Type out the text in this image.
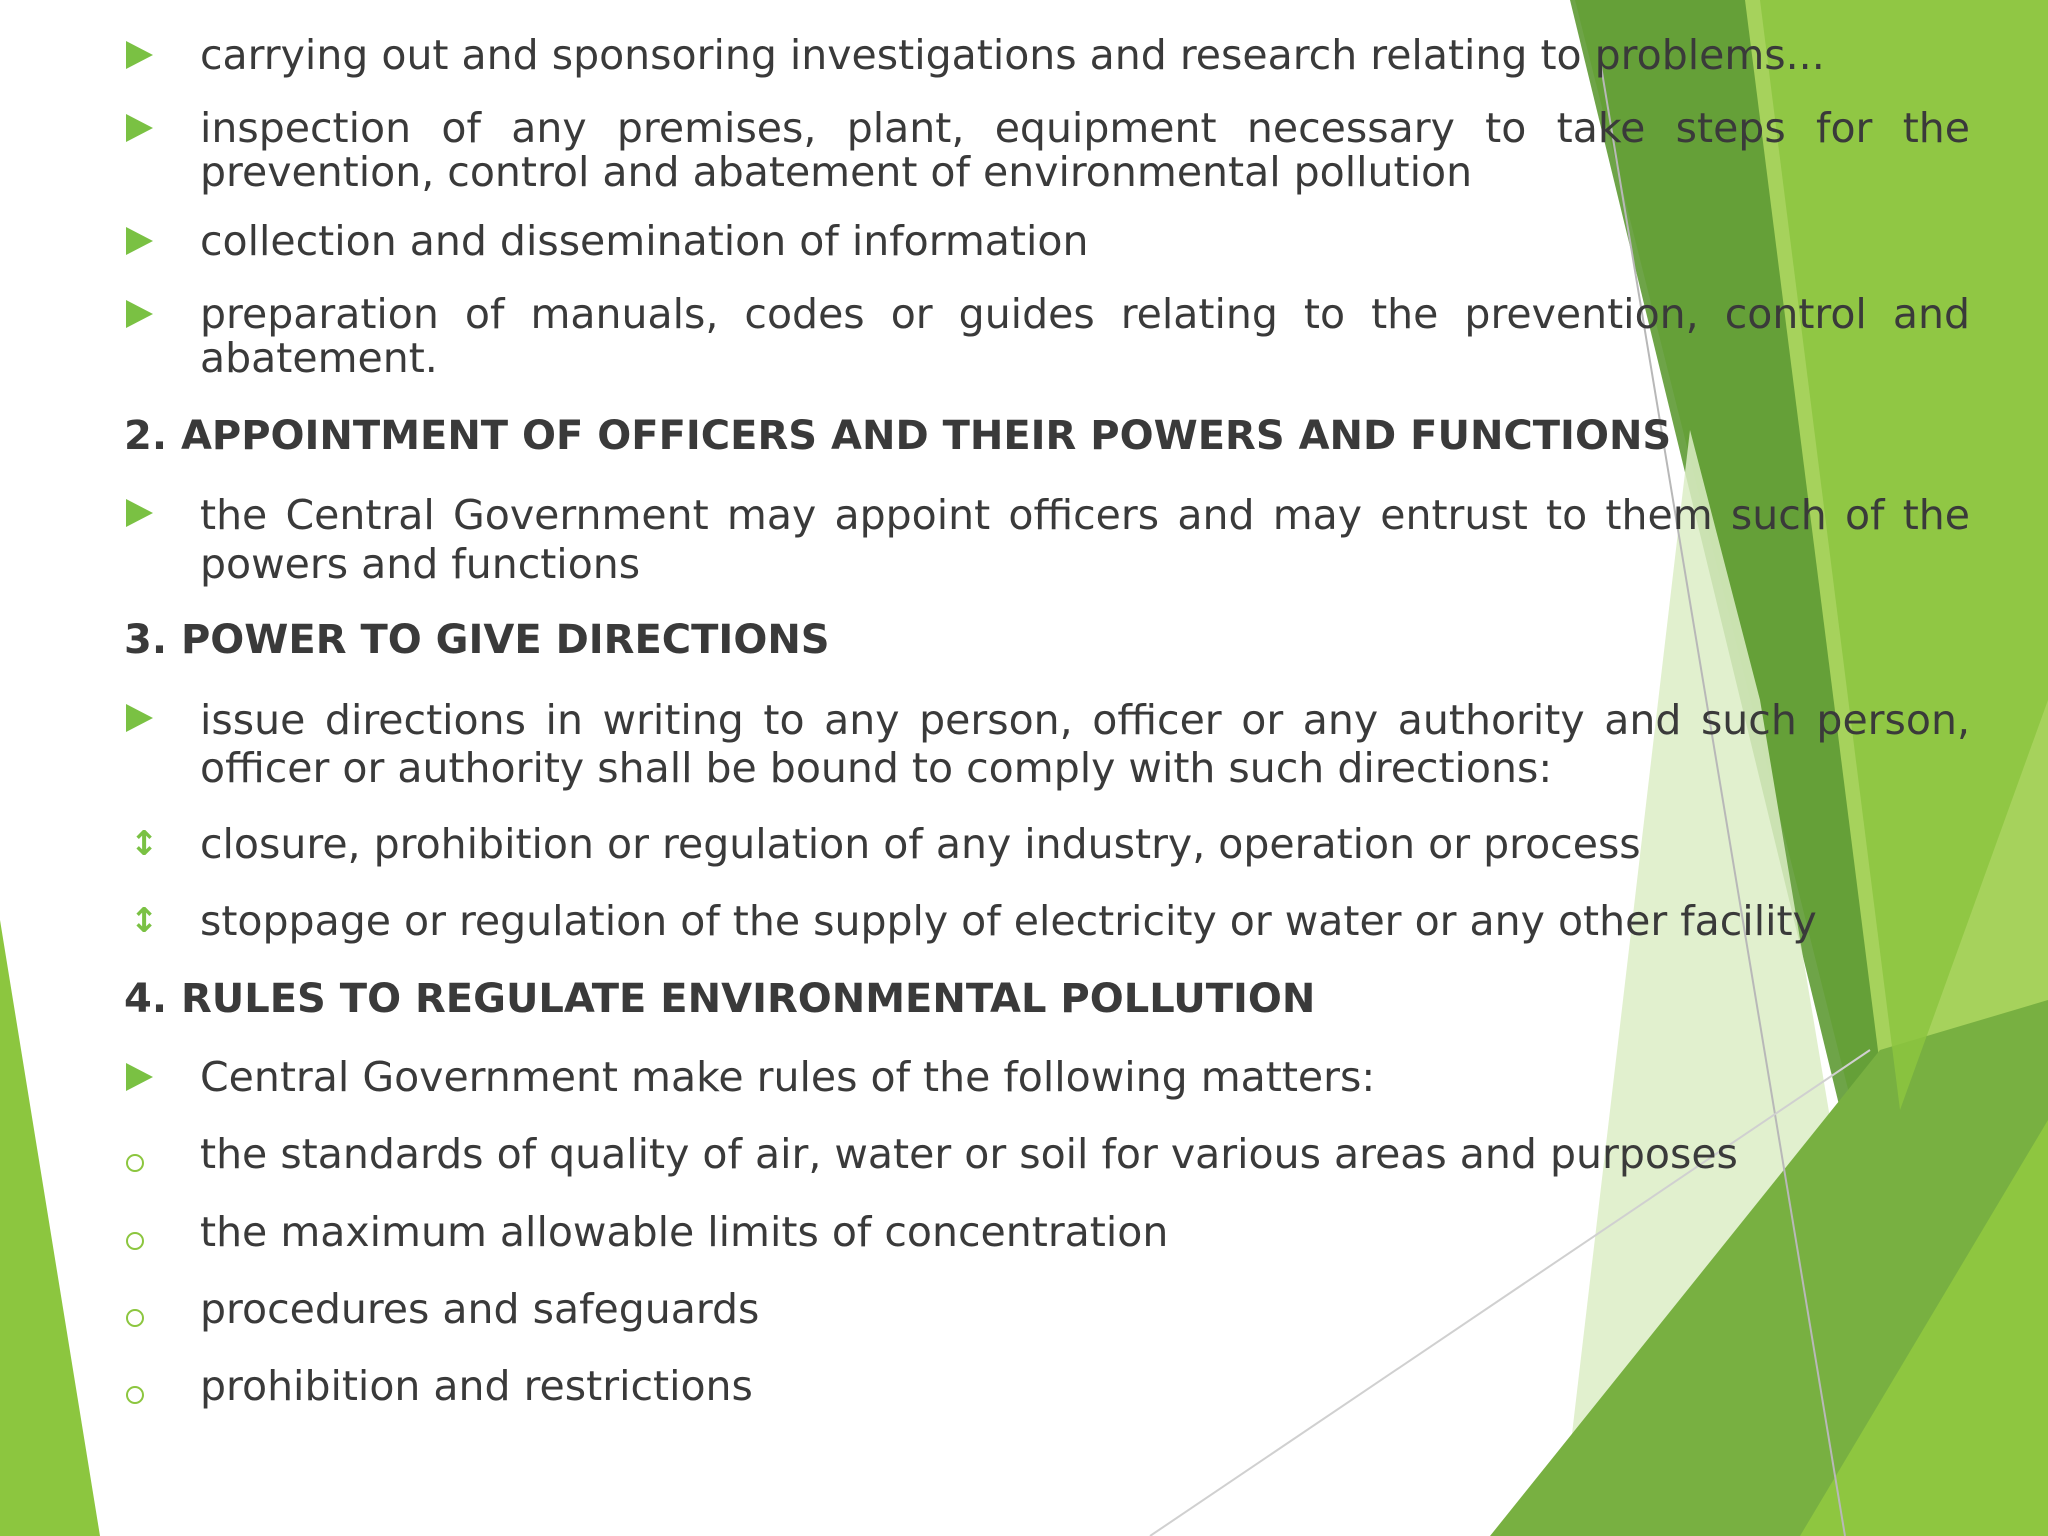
carrying out and sponsoring investigations and research relating to problems...
inspection of any premises, plant, equipment necessary to take steps for the prevention, control and abatement of environmental pollution
collection and dissemination of information
preparation of manuals, codes or guides relating to the prevention, control and abatement.
2. APPOINTMENT OF OFFICERS AND THEIR POWERS AND FUNCTIONS
the Central Government may appoint officers and may entrust to them such of the powers and functions
3. POWER TO GIVE DIRECTIONS
issue directions in writing to any person, officer or any authority and such person, officer or authority shall be bound to comply with such directions:
↕ closure, prohibition or regulation of any industry, operation or process
↕ stoppage or regulation of the supply of electricity or water or any other facility
4. RULES TO REGULATE ENVIRONMENTAL POLLUTION
Central Government make rules of the following matters:
the standards of quality of air, water or soil for various areas and purposes
the maximum allowable limits of concentration
procedures and safeguards
prohibition and restrictions
